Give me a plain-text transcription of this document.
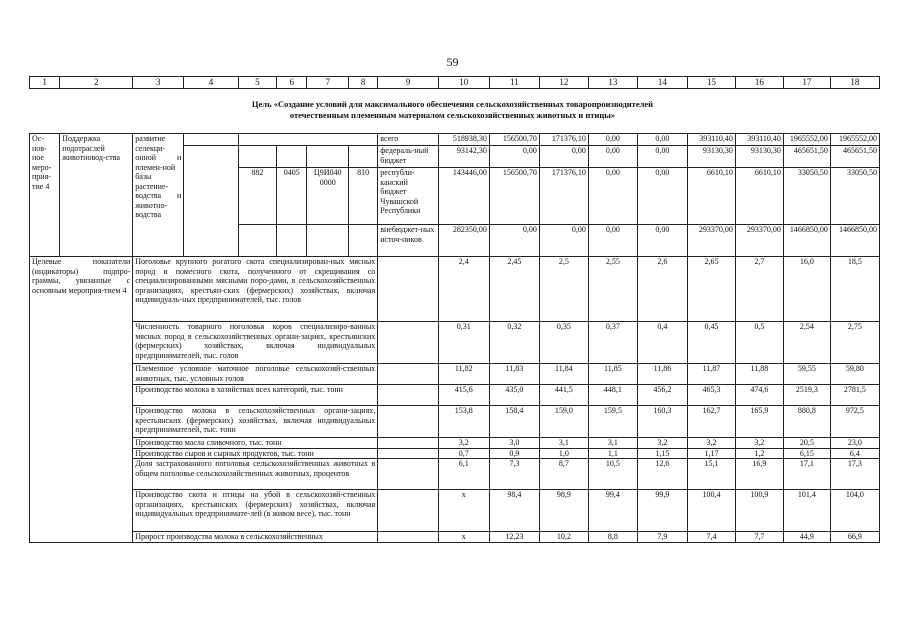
59
1	2	3	4	5	6	7	8	9	10	11	12	13	14	15	16	17	18
Цель «Создание условий для максимального обеспечения сельскохозяйственных товаропроизводителей
отечественным племенным материалом сельскохозяйственных животных и птицы»
Ос-нов-ное меро-прия-тие 4	Поддержка подотраслей животновод-ства	развитие селекци-онной и племен-ной базы растение-водства и животно-водства						всего	518938,30	156500,70	171376,10	0,00	0,00	393110,40	393110,40	1965552,00	1965552,00
								федераль-ный бюджет	93142,30	0,00	0,00	0,00	0,00	93130,30	93130,30	465651,50	465651,50
				882	0405	Ц9И040 0000	810	республи-канский бюджет Чувашской Республики	143446,00	156500,70	171376,10	0,00	0,00	6610,10	6610,10	33050,50	33050,50
								внебюджет-ных источ-ников	282350,00	0,00	0,00	0,00	0,00	293370,00	293370,00	1466850,00	1466850,00
Целевые показатели (индикаторы) подпро-граммы, увязанные с основным мероприя-тием 4		Поголовье крупного рогатого скота специализирован-ных мясных пород и помесного скота, полученного от скрещивания со специализированными мясными поро-дами, в сельскохозяйственных организациях, крестьян-ских (фермерских) хозяйствах, включая индивидуаль-ных предпринимателей, тыс. голов							2,4	2,45	2,5	2,55	2,6	2,65	2,7	16,0	18,5
		Численность товарного поголовья коров специализиро-ванных мясных пород в сельскохозяйственных органи-зациях, крестьянских (фермерских) хозяйствах, включая индивидуальных предпринимателей, тыс. голов							0,31	0,32	0,35	0,37	0,4	0,45	0,5	2,54	2,75
		Племенное условное маточное поголовье сельскохозяй-ственных животных, тыс. условных голов							11,82	11,83	11,84	11,85	11,86	11,87	11,88	59,55	59,80
		Производство молока в хозяйствах всех категорий, тыс. тонн							415,6	435,0	441,5	448,1	456,2	465,3	474,6	2519,3	2781,5
		Производство молока в сельскохозяйственных органи-зациях, крестьянских (фермерских) хозяйствах, включая индивидуальных предпринимателей, тыс. тонн							153,8	158,4	159,0	159,5	160,3	162,7	165,9	880,8	972,5
		Производство масла сливочного, тыс. тонн							3,2	3,0	3,1	3,1	3,2	3,2	3,2	20,5	23,0
		Производство сыров и сырных продуктов, тыс. тонн							0,7	0,9	1,0	1,1	1,15	1,17	1,2	6,15	6,4
		Доля застрахованного поголовья сельскохозяйственных животных в общем поголовье сельскохозяйственных животных, процентов							6,1	7,3	8,7	10,5	12,6	15,1	16,9	17,1	17,3
		Производство скота и птицы на убой в сельскохозяй-ственных организациях, крестьянских (фермерских) хозяйствах, включая индивидуальных предпринимате-лей (в живом весе), тыс. тонн							х	98,4	98,9	99,4	99,9	100,4	100,9	101,4	104,0
		Прирост производства молока в сельскохозяйственных							х	12,23	10,2	8,8	7,9	7,4	7,7	44,9	66,9
